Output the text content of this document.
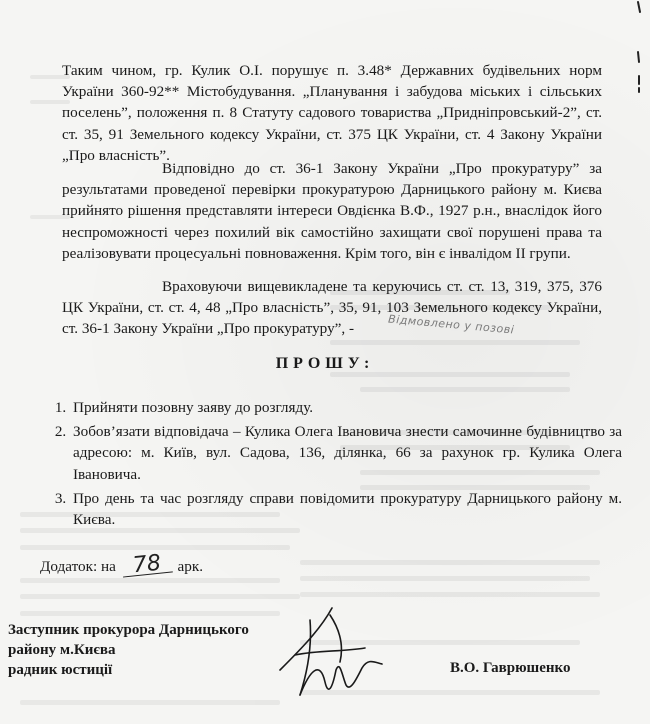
Таким чином, гр. Кулик О.І. порушує п. 3.48* Державних будівельних норм України 360-92** Містобудування. „Планування і забудова міських і сільських поселень”, положення п. 8 Статуту садового товариства „Придніпровський-2”, ст. ст. 35, 91 Земельного кодексу України, ст. 375 ЦК України, ст. 4 Закону України „Про власність”.

Відповідно до ст. 36-1 Закону України „Про прокуратуру” за результатами проведеної перевірки прокуратурою Дарницького району м. Києва прийнято рішення представляти інтереси Овдієнка В.Ф., 1927 р.н., внаслідок його неспроможності через похилий вік самостійно захищати свої порушені права та реалізовувати процесуальні повноваження. Крім того, він є інвалідом ІІ групи.

Враховуючи вищевикладене та керуючись ст. ст. 13, 319, 375, 376 ЦК України, ст. ст. 4, 48 „Про власність”, 35, 91, 103 Земельного кодексу України, ст. 36-1 Закону України „Про прокуратуру”, -	Відмовлено у позові
ПРОШУ:
1. Прийняти позовну заяву до розгляду.
2. Зобов’язати відповідача – Кулика Олега Івановича знести самочинне будівництво за адресою: м. Київ, вул. Садова, 136, ділянка, 66 за рахунок гр. Кулика Олега Івановича.
3. Про день та час розгляду справи повідомити прокуратуру Дарницького району м. Києва.
Додаток: на 78 арк.
Заступник прокурора Дарницького
району м.Києва
радник юстиції	В.О. Гаврюшенко
